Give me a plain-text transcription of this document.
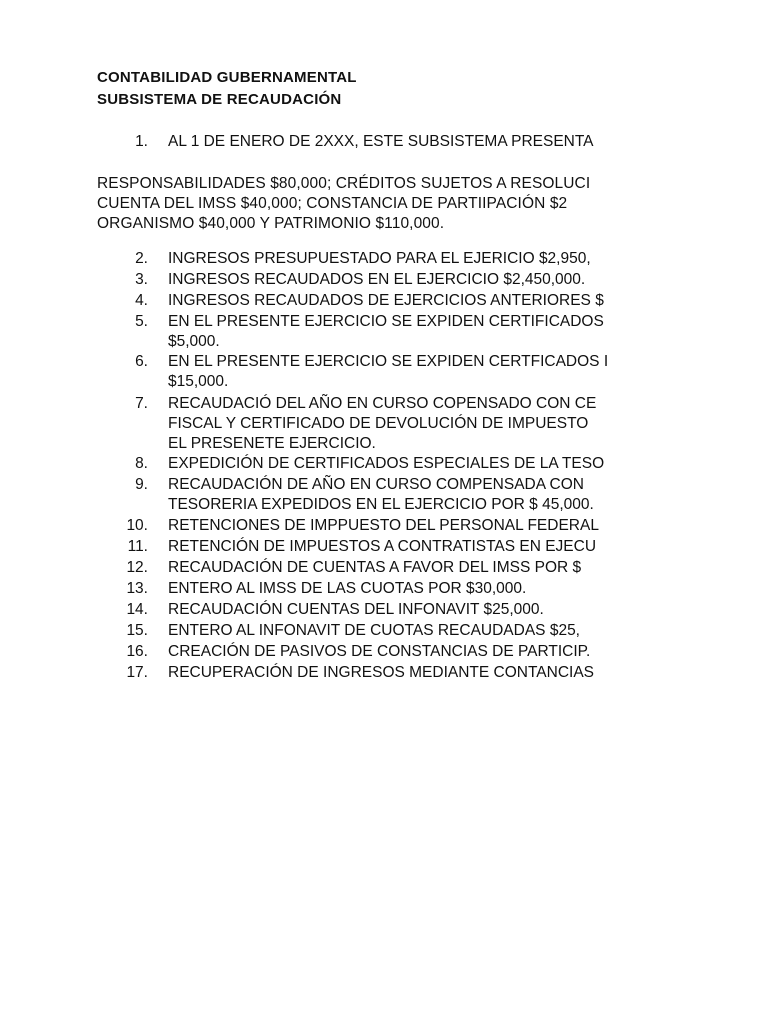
CONTABILIDAD GUBERNAMENTAL
SUBSISTEMA DE RECAUDACIÓN
1. AL 1 DE ENERO DE 2XXX, ESTE SUBSISTEMA PRESENTA
RESPONSABILIDADES $80,000; CRÉDITOS SUJETOS A RESOLUCI
CUENTA DEL IMSS $40,000; CONSTANCIA DE PARTIIPACIÓN $2
ORGANISMO $40,000 Y PATRIMONIO $110,000.
2. INGRESOS PRESUPUESTADO PARA EL EJERICIO $2,950,
3. INGRESOS RECAUDADOS EN EL EJERCICIO $2,450,000.
4. INGRESOS RECAUDADOS DE EJERCICIOS ANTERIORES $
5. EN EL PRESENTE EJERCICIO SE EXPIDEN CERTIFICADOS
$5,000.
6. EN EL PRESENTE EJERCICIO SE EXPIDEN CERTFICADOS I
$15,000.
7. RECAUDACIÓ DEL AÑO EN CURSO COPENSADO CON CE
FISCAL Y CERTIFICADO DE DEVOLUCIÓN DE IMPUESTO
EL PRESENETE EJERCICIO.
8. EXPEDICIÓN DE CERTIFICADOS ESPECIALES DE LA TESO
9. RECAUDACIÓN DE AÑO EN CURSO COMPENSADA CON
TESORERIA EXPEDIDOS EN EL EJERCICIO POR $ 45,000.
10. RETENCIONES DE IMPPUESTO DEL PERSONAL FEDERAL
11. RETENCIÓN DE IMPUESTOS A CONTRATISTAS EN EJECU
12. RECAUDACIÓN DE CUENTAS A FAVOR DEL IMSS POR $
13. ENTERO AL IMSS DE LAS CUOTAS POR $30,000.
14. RECAUDACIÓN CUENTAS DEL INFONAVIT $25,000.
15. ENTERO AL INFONAVIT DE CUOTAS RECAUDADAS $25,
16. CREACIÓN DE PASIVOS DE CONSTANCIAS DE PARTICIP.
17. RECUPERACIÓN DE INGRESOS MEDIANTE CONTANCIAS
